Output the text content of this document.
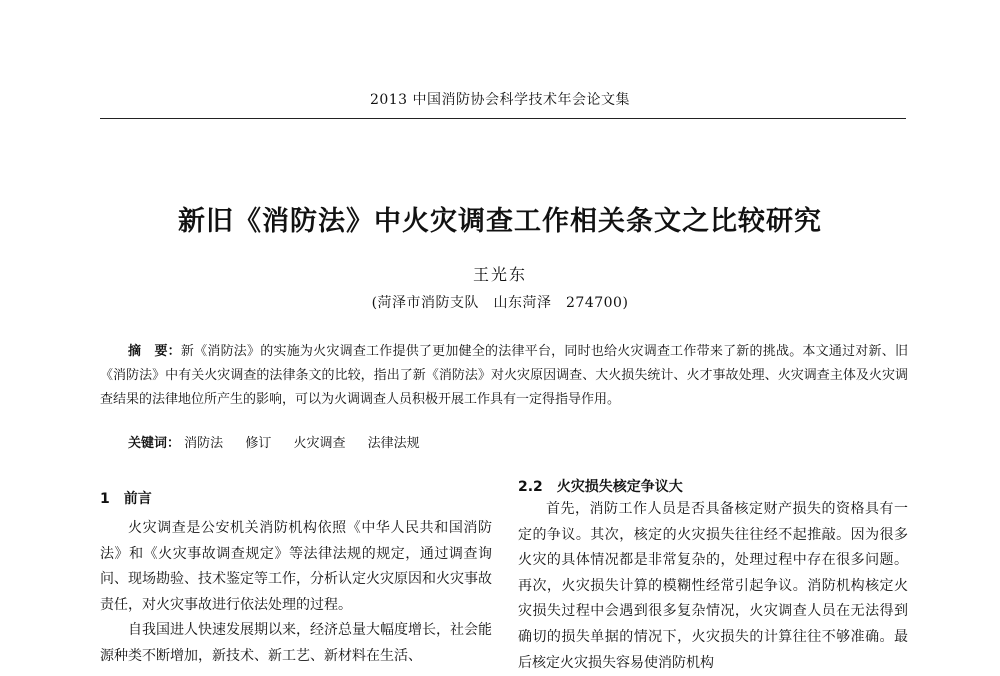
2013 中国消防协会科学技术年会论文集
新旧《消防法》中火灾调查工作相关条文之比较研究
王光东
(菏泽市消防支队　山东菏泽　274700)
摘　要：新《消防法》的实施为火灾调查工作提供了更加健全的法律平台，同时也给火灾调查工作带来了新的挑战。本文通过对新、旧《消防法》中有关火灾调查的法律条文的比较，指出了新《消防法》对火灾原因调查、大火损失统计、火才事故处理、火灾调查主体及火灾调查结果的法律地位所产生的影响，可以为火调调查人员积极开展工作具有一定得指导作用。
关键词： 消防法 修订 火灾调查 法律法规
1　前言

火灾调查是公安机关消防机构依照《中华人民共和国消防法》和《火灾事故调查规定》等法律法规的规定，通过调查询问、现场勘验、技术鉴定等工作，分析认定火灾原因和火灾事故责任，对火灾事故进行依法处理的过程。

自我国进人快速发展期以来，经济总量大幅度增长，社会能源种类不断增加，新技术、新工艺、新材料在生活、

2.2　火灾损失核定争议大

首先，消防工作人员是否具备核定财产损失的资格具有一定的争议。其次，核定的火灾损失往往经不起推敲。因为很多火灾的具体情况都是非常复杂的，处理过程中存在很多问题。再次，火灾损失计算的模糊性经常引起争议。消防机构核定火灾损失过程中会遇到很多复杂情况，火灾调查人员在无法得到确切的损失单据的情况下，火灾损失的计算往往不够准确。最后核定火灾损失容易使消防机构
